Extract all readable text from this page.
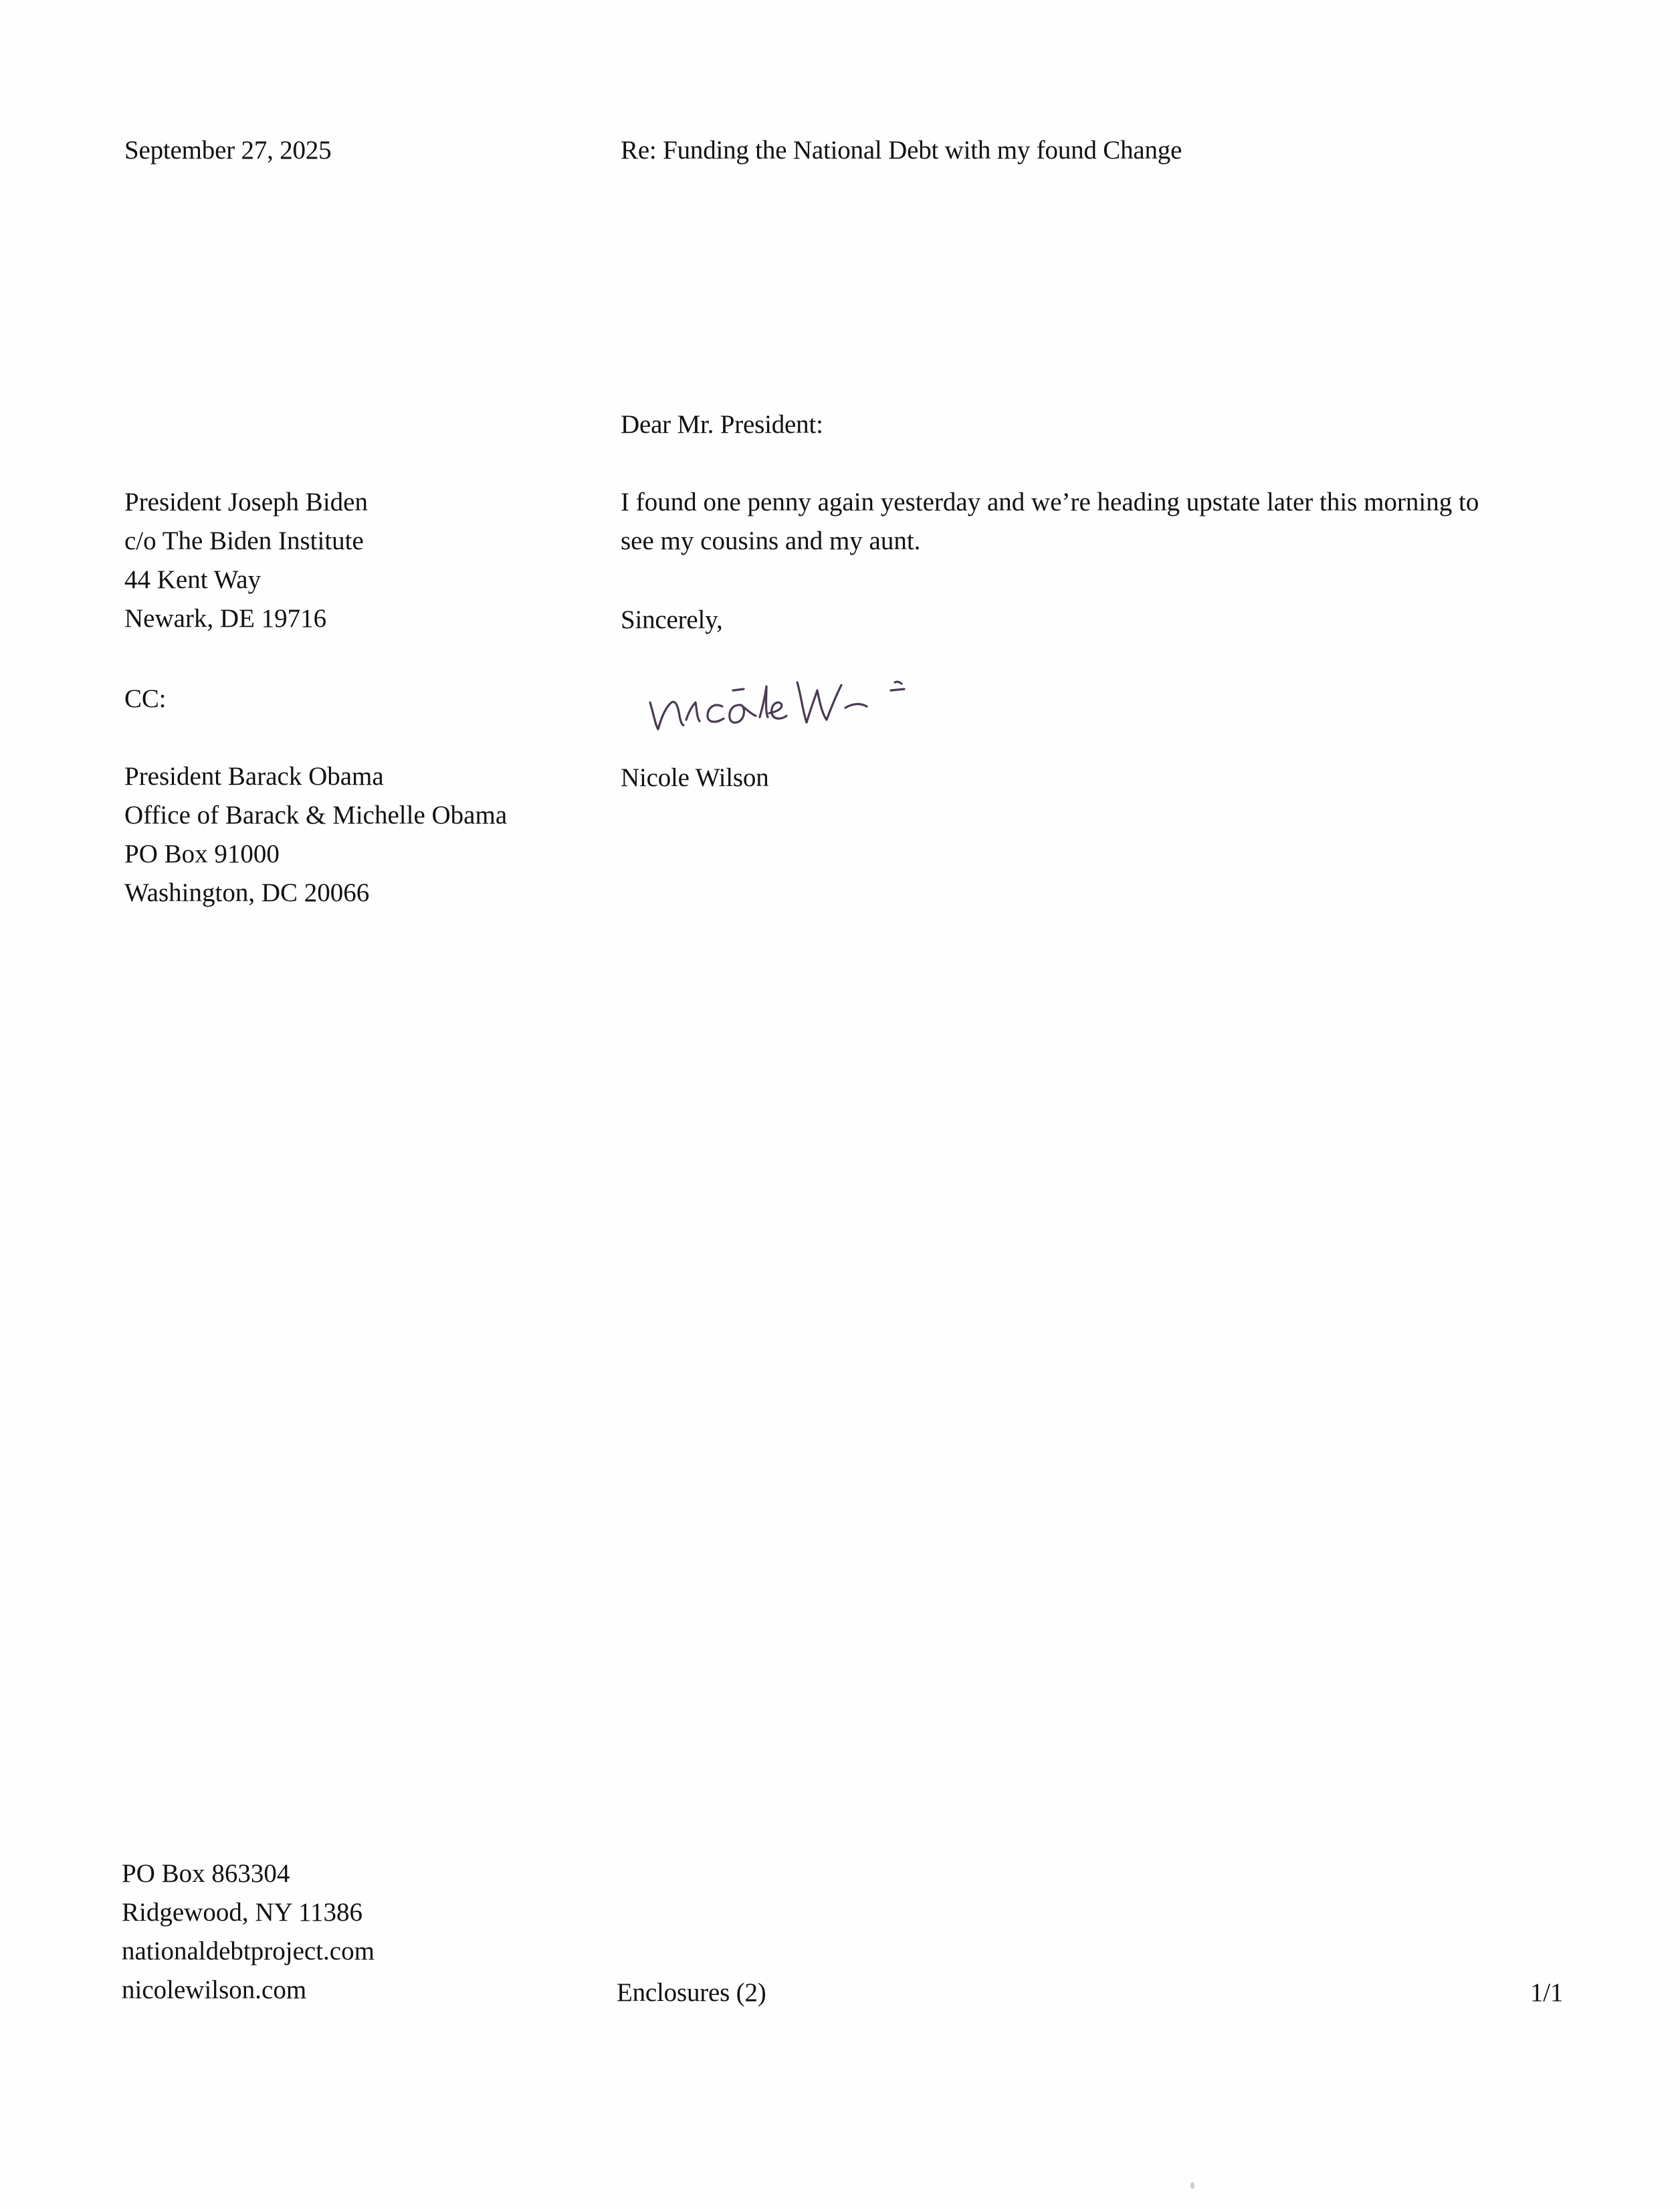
September 27, 2025	Re: Funding the National Debt with my found Change
Dear Mr. President:
President Joseph Biden
c/o The Biden Institute
44 Kent Way
Newark, DE 19716
I found one penny again yesterday and we’re heading upstate later this morning to
see my cousins and my aunt.
Sincerely,
CC:
Nicole Wilson
President Barack Obama
Office of Barack & Michelle Obama
PO Box 91000
Washington, DC 20066
PO Box 863304
Ridgewood, NY 11386
nationaldebtproject.com
nicolewilson.com	Enclosures (2)	1/1
